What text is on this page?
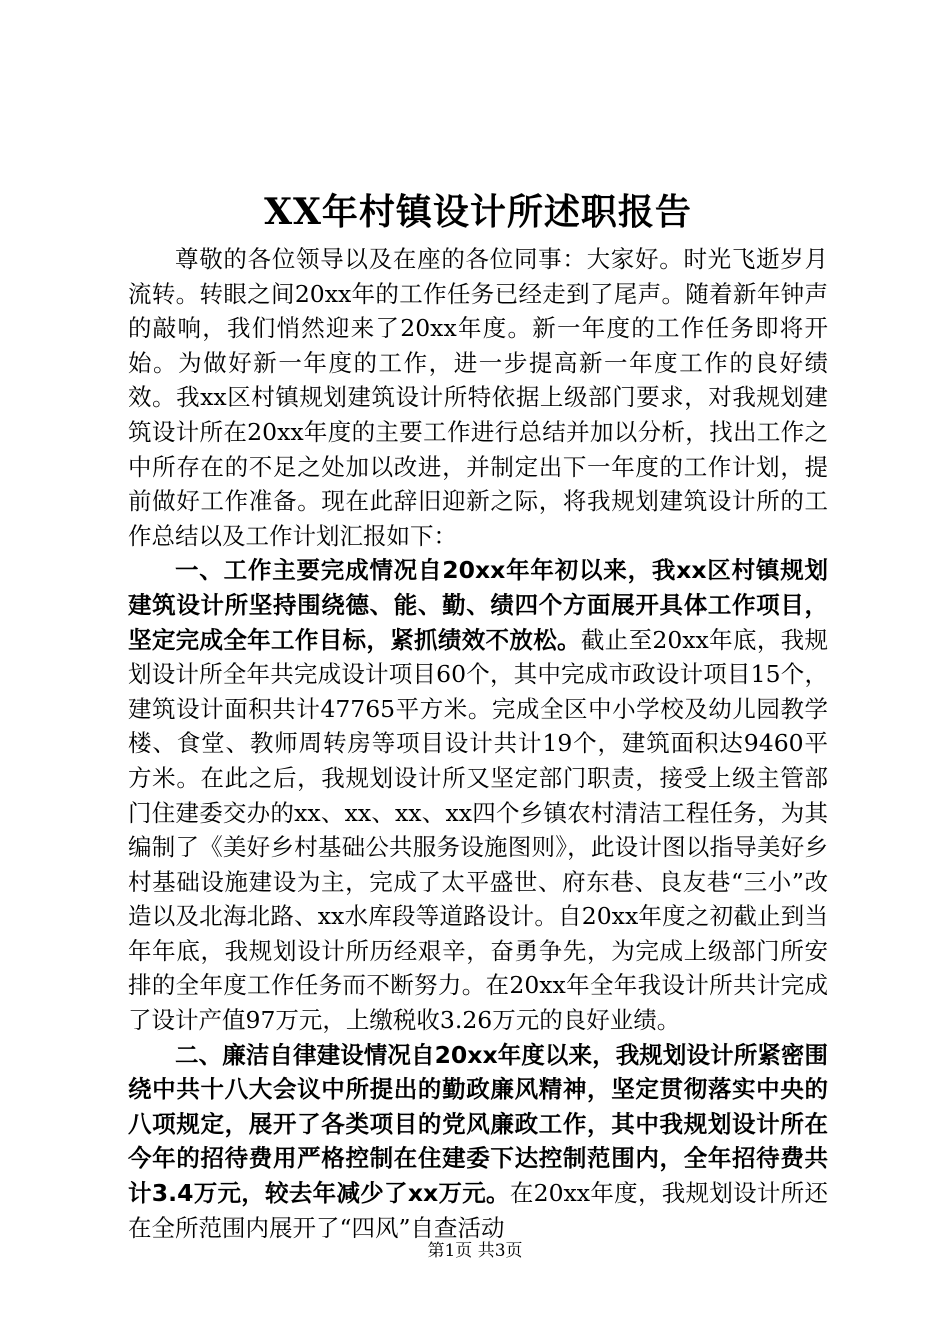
XX年村镇设计所述职报告

尊敬的各位领导以及在座的各位同事：大家好。时光飞逝岁月流转。转眼之间20xx年的工作任务已经走到了尾声。随着新年钟声的敲响，我们悄然迎来了20xx年度。新一年度的工作任务即将开始。为做好新一年度的工作，进一步提高新一年度工作的良好绩效。我xx区村镇规划建筑设计所特依据上级部门要求，对我规划建筑设计所在20xx年度的主要工作进行总结并加以分析，找出工作之中所存在的不足之处加以改进，并制定出下一年度的工作计划，提前做好工作准备。现在此辞旧迎新之际，将我规划建筑设计所的工作总结以及工作计划汇报如下：

一、工作主要完成情况自20xx年年初以来，我xx区村镇规划建筑设计所坚持围绕德、能、勤、绩四个方面展开具体工作项目，坚定完成全年工作目标，紧抓绩效不放松。截止至20xx年底，我规划设计所全年共完成设计项目60个，其中完成市政设计项目15个，建筑设计面积共计47765平方米。完成全区中小学校及幼儿园教学楼、食堂、教师周转房等项目设计共计19个，建筑面积达9460平方米。在此之后，我规划设计所又坚定部门职责，接受上级主管部门住建委交办的xx、xx、xx、xx四个乡镇农村清洁工程任务，为其编制了《美好乡村基础公共服务设施图则》，此设计图以指导美好乡村基础设施建设为主，完成了太平盛世、府东巷、良友巷“三小”改造以及北海北路、xx水库段等道路设计。自20xx年度之初截止到当年年底，我规划设计所历经艰辛，奋勇争先，为完成上级部门所安排的全年度工作任务而不断努力。在20xx年全年我设计所共计完成了设计产值97万元，上缴税收3.26万元的良好业绩。

二、廉洁自律建设情况自20xx年度以来，我规划设计所紧密围绕中共十八大会议中所提出的勤政廉风精神，坚定贯彻落实中央的八项规定，展开了各类项目的党风廉政工作，其中我规划设计所在今年的招待费用严格控制在住建委下达控制范围内，全年招待费共计3.4万元，较去年减少了xx万元。在20xx年度，我规划设计所还在全所范围内展开了“四风”自查活动

第1页 共3页
